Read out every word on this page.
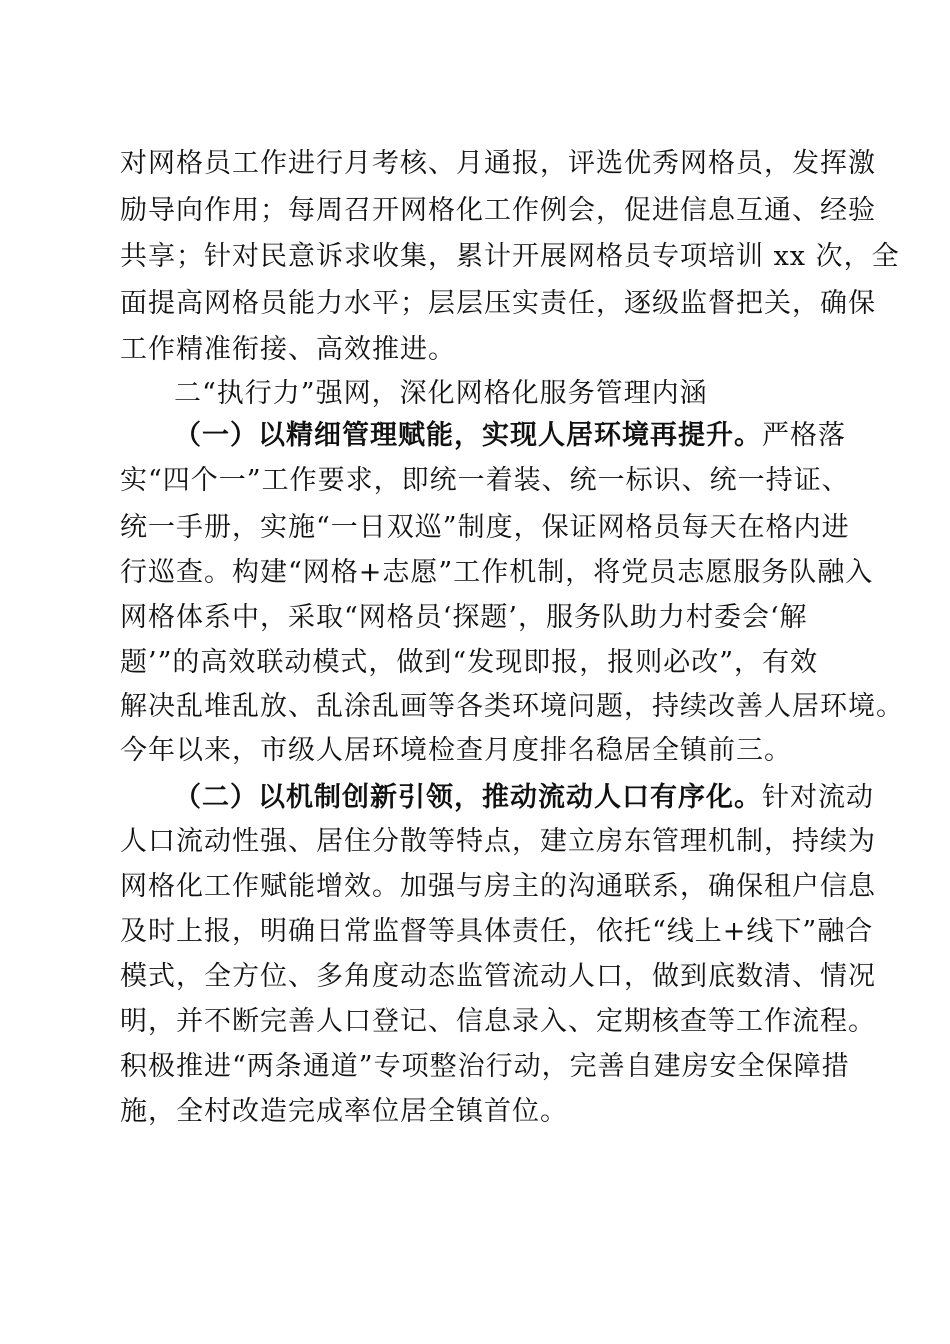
对网格员工作进行月考核、月通报，评选优秀网格员，发挥激
励导向作用；每周召开网格化工作例会，促进信息互通、经验
共享；针对民意诉求收集，累计开展网格员专项培训 xx 次，全
面提高网格员能力水平；层层压实责任，逐级监督把关，确保
工作精准衔接、高效推进。
二“执行力”强网，深化网格化服务管理内涵
（一）以精细管理赋能，实现人居环境再提升。严格落
实“四个一”工作要求，即统一着装、统一标识、统一持证、
统一手册，实施“一日双巡”制度，保证网格员每天在格内进
行巡查。构建“网格+志愿”工作机制，将党员志愿服务队融入
网格体系中，采取“网格员‘探题’，服务队助力村委会‘解
题’”的高效联动模式，做到“发现即报，报则必改”，有效
解决乱堆乱放、乱涂乱画等各类环境问题，持续改善人居环境。
今年以来，市级人居环境检查月度排名稳居全镇前三。
（二）以机制创新引领，推动流动人口有序化。针对流动
人口流动性强、居住分散等特点，建立房东管理机制，持续为
网格化工作赋能增效。加强与房主的沟通联系，确保租户信息
及时上报，明确日常监督等具体责任，依托“线上+线下”融合
模式，全方位、多角度动态监管流动人口，做到底数清、情况
明，并不断完善人口登记、信息录入、定期核查等工作流程。
积极推进“两条通道”专项整治行动，完善自建房安全保障措
施，全村改造完成率位居全镇首位。
